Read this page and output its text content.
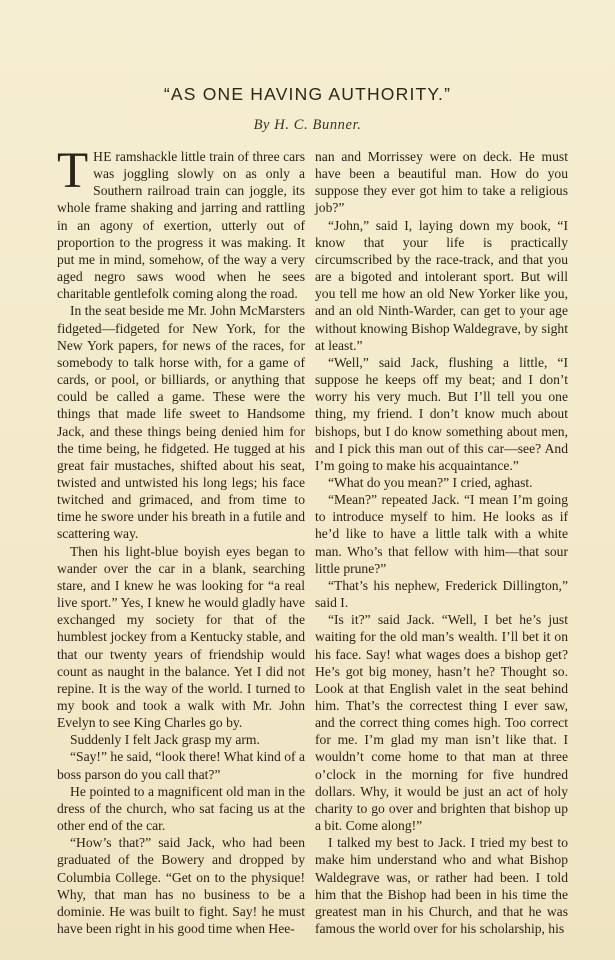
“AS ONE HAVING AUTHORITY.”
By H. C. Bunner.

THE ramshackle little train of three cars was joggling slowly on as only a Southern railroad train can joggle, its whole frame shaking and jarring and rattling in an agony of exertion, utterly out of proportion to the progress it was making. It put me in mind, somehow, of the way a very aged negro saws wood when he sees charitable gentlefolk coming along the road.

In the seat beside me Mr. John McMarsters fidgeted—fidgeted for New York, for the New York papers, for news of the races, for somebody to talk horse with, for a game of cards, or pool, or billiards, or anything that could be called a game. These were the things that made life sweet to Handsome Jack, and these things being denied him for the time being, he fidgeted. He tugged at his great fair mustaches, shifted about his seat, twisted and untwisted his long legs; his face twitched and grimaced, and from time to time he swore under his breath in a futile and scattering way.

Then his light-blue boyish eyes began to wander over the car in a blank, searching stare, and I knew he was looking for “a real live sport.” Yes, I knew he would gladly have exchanged my society for that of the humblest jockey from a Kentucky stable, and that our twenty years of friendship would count as naught in the balance. Yet I did not repine. It is the way of the world. I turned to my book and took a walk with Mr. John Evelyn to see King Charles go by.

Suddenly I felt Jack grasp my arm.

“Say!” he said, “look there! What kind of a boss parson do you call that?”

He pointed to a magnificent old man in the dress of the church, who sat facing us at the other end of the car.

“How’s that?” said Jack, who had been graduated of the Bowery and dropped by Columbia College. “Get on to the physique! Why, that man has no business to be a dominie. He was built to fight. Say! he must have been right in his good time when Hee-

nan and Morrissey were on deck. He must have been a beautiful man. How do you suppose they ever got him to take a religious job?”

“John,” said I, laying down my book, “I know that your life is practically circumscribed by the race-track, and that you are a bigoted and intolerant sport. But will you tell me how an old New Yorker like you, and an old Ninth-Warder, can get to your age without knowing Bishop Waldegrave, by sight at least.”

“Well,” said Jack, flushing a little, “I suppose he keeps off my beat; and I don’t worry his very much. But I’ll tell you one thing, my friend. I don’t know much about bishops, but I do know something about men, and I pick this man out of this car—see? And I’m going to make his acquaintance.”

“What do you mean?” I cried, aghast.

“Mean?” repeated Jack. “I mean I’m going to introduce myself to him. He looks as if he’d like to have a little talk with a white man. Who’s that fellow with him—that sour little prune?”

“That’s his nephew, Frederick Dillington,” said I.

“Is it?” said Jack. “Well, I bet he’s just waiting for the old man’s wealth. I’ll bet it on his face. Say! what wages does a bishop get? He’s got big money, hasn’t he? Thought so. Look at that English valet in the seat behind him. That’s the correctest thing I ever saw, and the correct thing comes high. Too correct for me. I’m glad my man isn’t like that. I wouldn’t come home to that man at three o’clock in the morning for five hundred dollars. Why, it would be just an act of holy charity to go over and brighten that bishop up a bit. Come along!”

I talked my best to Jack. I tried my best to make him understand who and what Bishop Waldegrave was, or rather had been. I told him that the Bishop had been in his time the greatest man in his Church, and that he was famous the world over for his scholarship, his
